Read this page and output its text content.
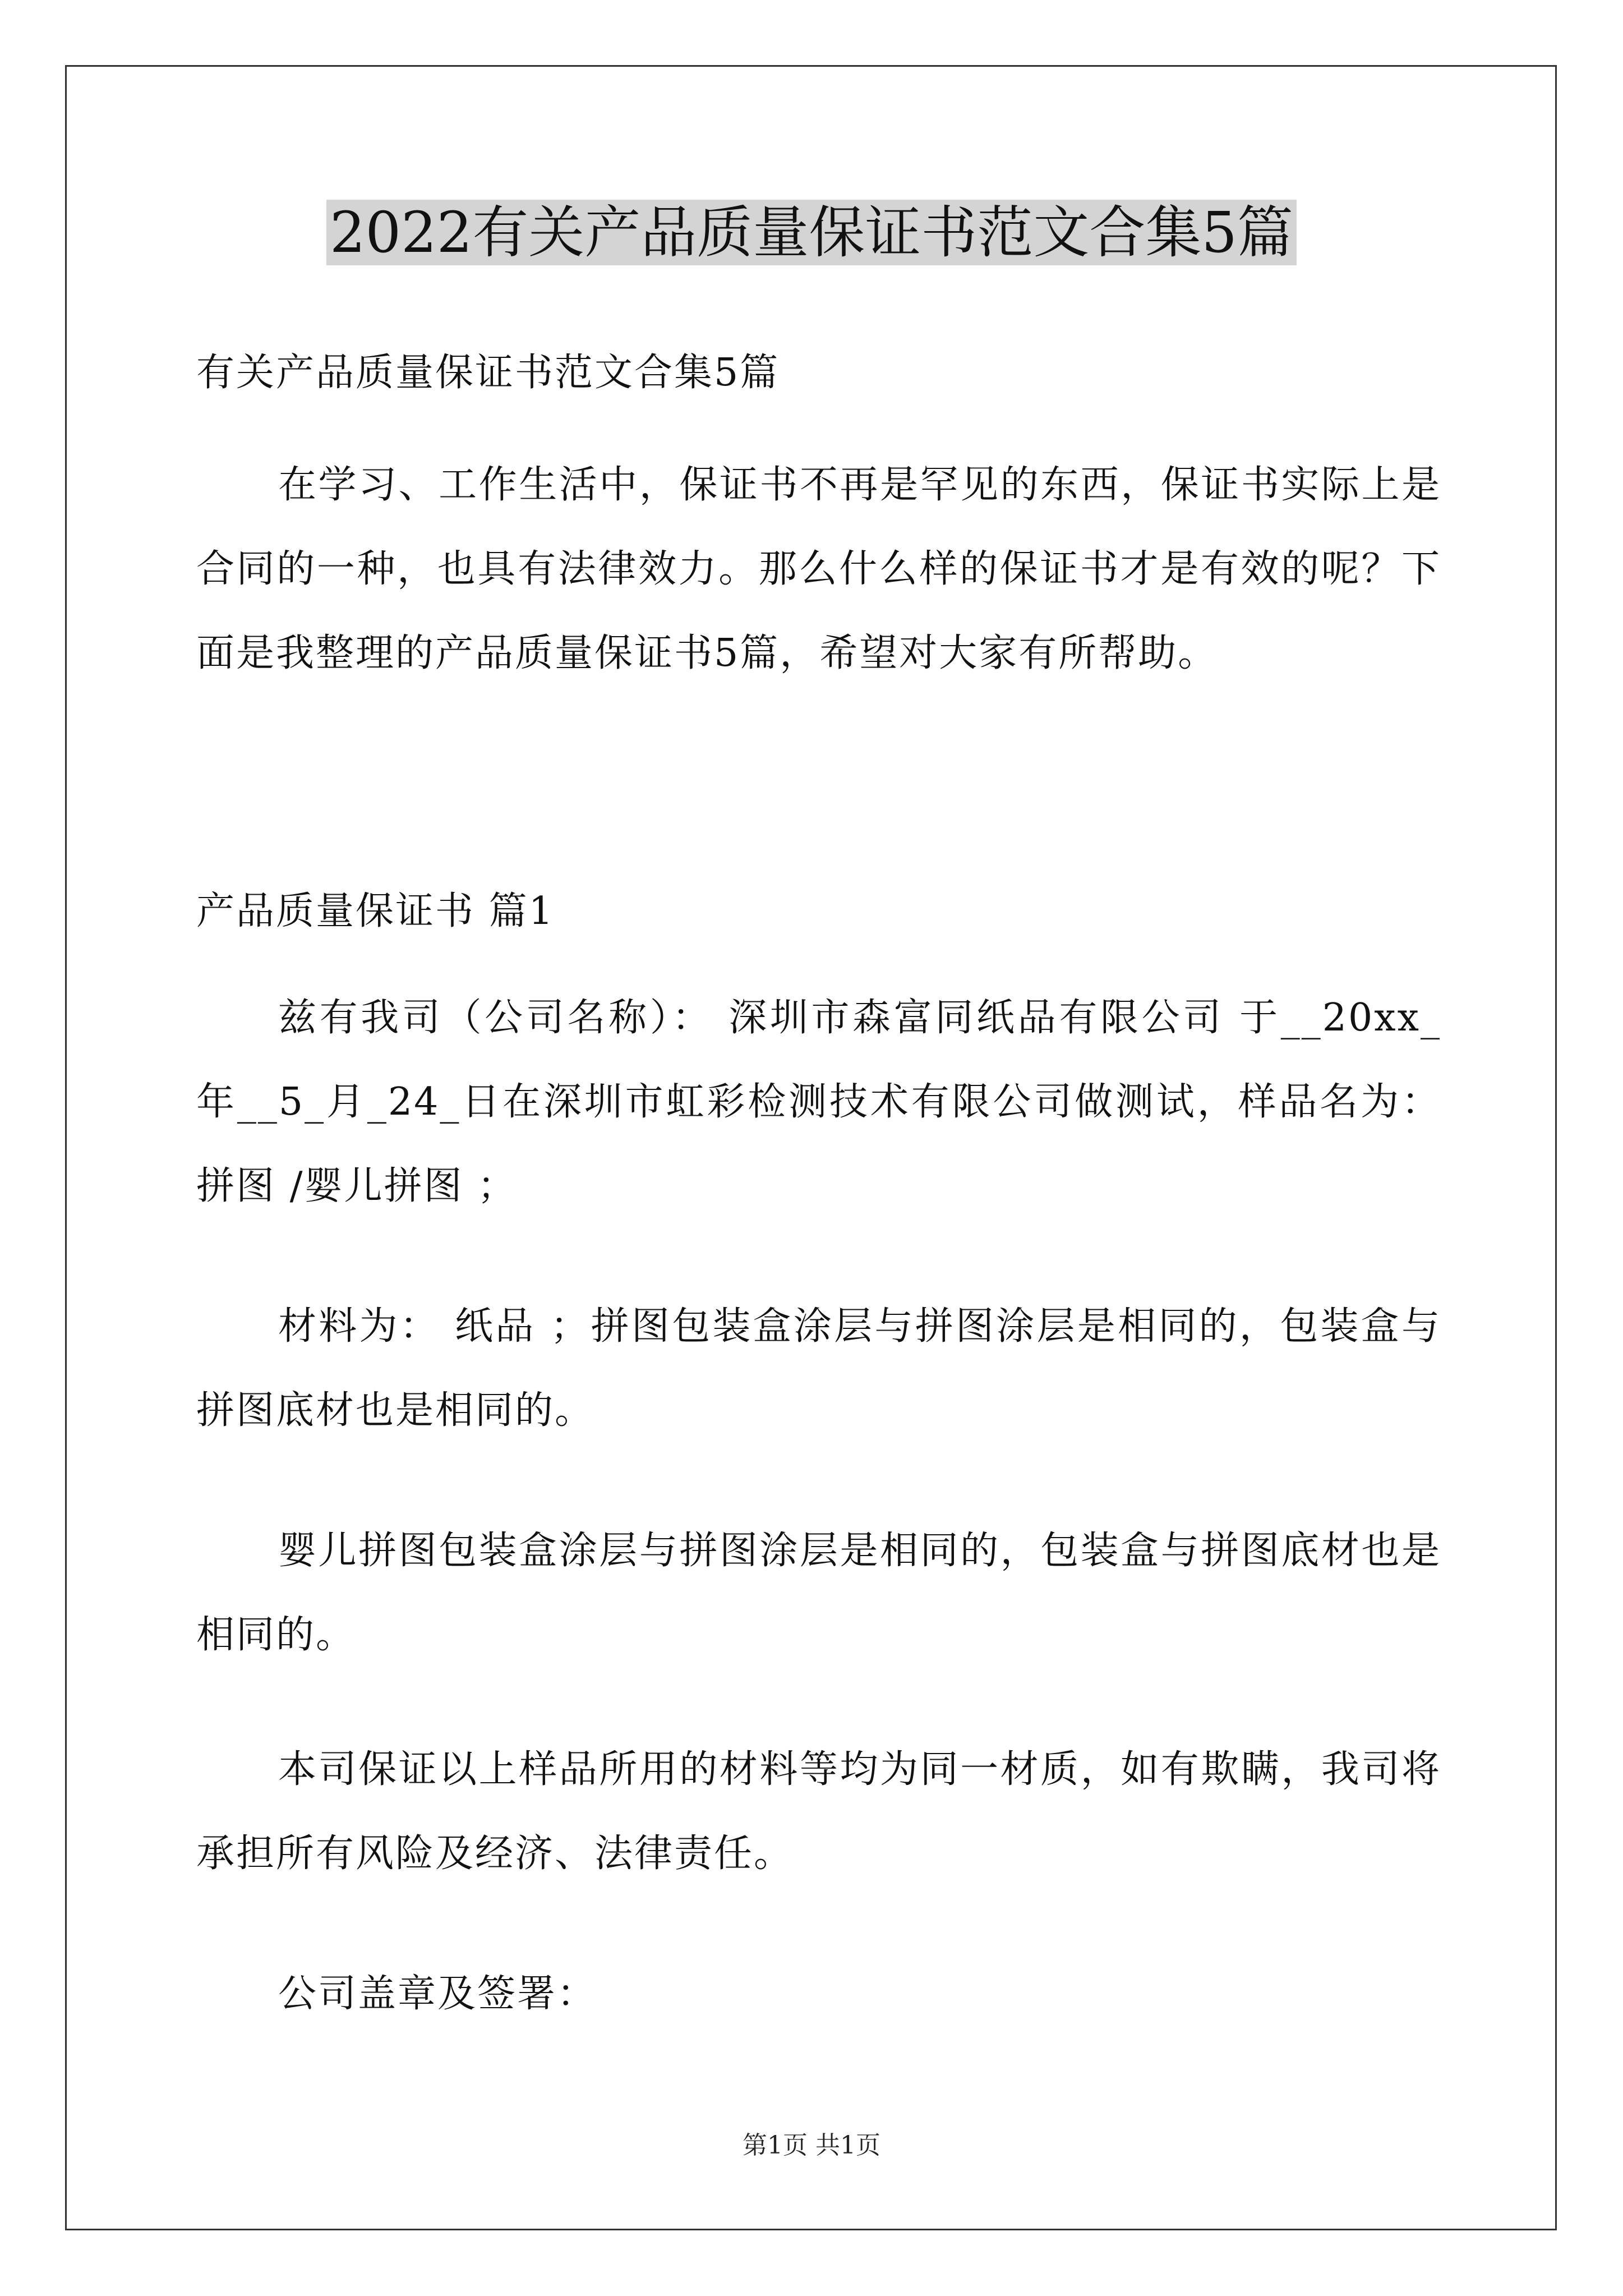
2022有关产品质量保证书范文合集5篇

有关产品质量保证书范文合集5篇

在学习、工作生活中，保证书不再是罕见的东西，保证书实际上是合同的一种，也具有法律效力。那么什么样的保证书才是有效的呢？下面是我整理的产品质量保证书5篇，希望对大家有所帮助。

产品质量保证书 篇1

兹有我司（公司名称）： 深圳市森富同纸品有限公司 于__20xx_年__5_月_24_日在深圳市虹彩检测技术有限公司做测试，样品名为：拼图 /婴儿拼图 ；

材料为： 纸品 ；拼图包装盒涂层与拼图涂层是相同的，包装盒与拼图底材也是相同的。

婴儿拼图包装盒涂层与拼图涂层是相同的，包装盒与拼图底材也是相同的。

本司保证以上样品所用的材料等均为同一材质，如有欺瞒，我司将承担所有风险及经济、法律责任。

公司盖章及签署：

第1页 共1页
